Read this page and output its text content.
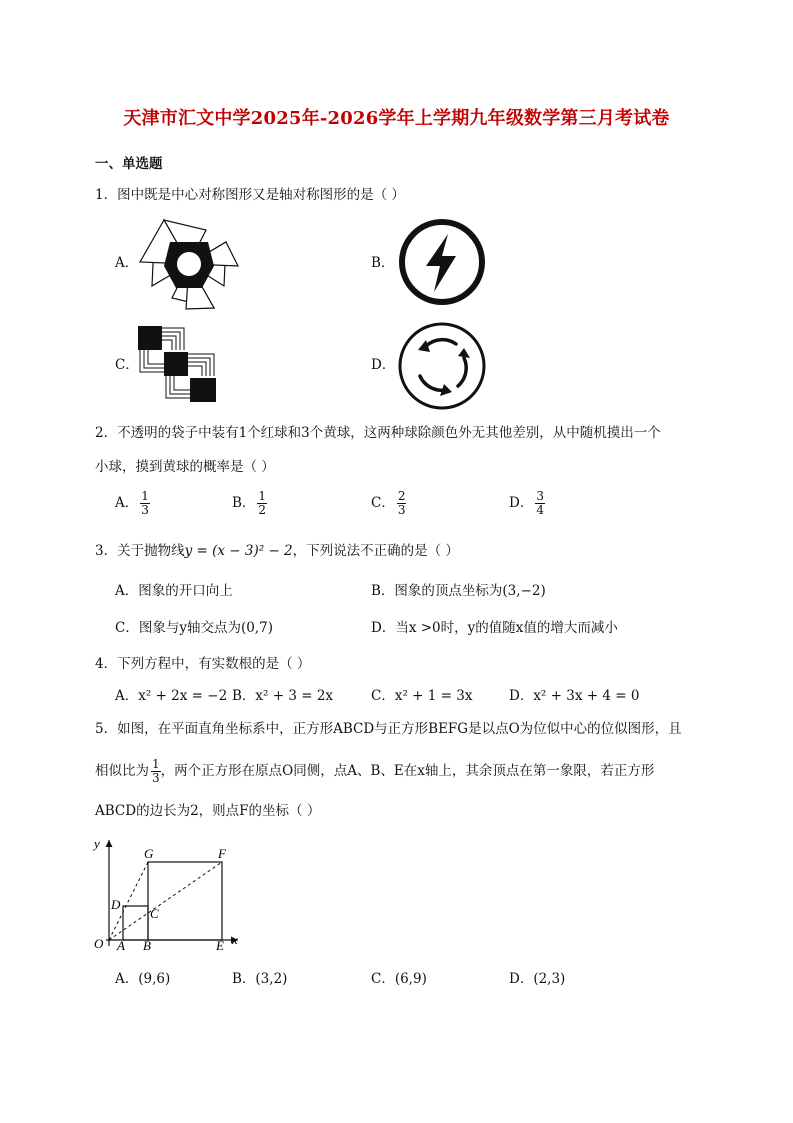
天津市汇文中学2025年-2026学年上学期九年级数学第三月考试卷
一、单选题
1．图中既是中心对称图形又是轴对称图形的是（ ）
A．	B．
C．	D．
2．不透明的袋子中装有1个红球和3个黄球，这两种球除颜色外无其他差别，从中随机摸出一个
小球，摸到黄球的概率是（ ）
A． $\frac{1}{3}$	B． $\frac{1}{2}$	C． $\frac{2}{3}$	D． $\frac{3}{4}$
3．关于抛物线y = (x − 3)² − 2，下列说法不正确的是（ ）
A．图象的开口向上	B．图象的顶点坐标为(3,−2)
C．图象与y轴交点为(0,7)	D．当x >0时，y的值随x值的增大而减小
4．下列方程中，有实数根的是（ ）
A．x² + 2x = −2 B．x² + 3 = 2x	C．x² + 1 = 3x	D．x² + 3x + 4 = 0
5．如图，在平面直角坐标系中，正方形ABCD与正方形BEFG是以点O为位似中心的位似图形，且
相似比为 $\frac{1}{3}$ ，两个正方形在原点O同侧，点A、B、E在x轴上，其余顶点在第一象限，若正方形
ABCD的边长为2，则点F的坐标（ ）
y
x
O A B	E
C
D
G	F
A．(9,6)	B．(3,2)	C．(6,9)	D．(2,3)
